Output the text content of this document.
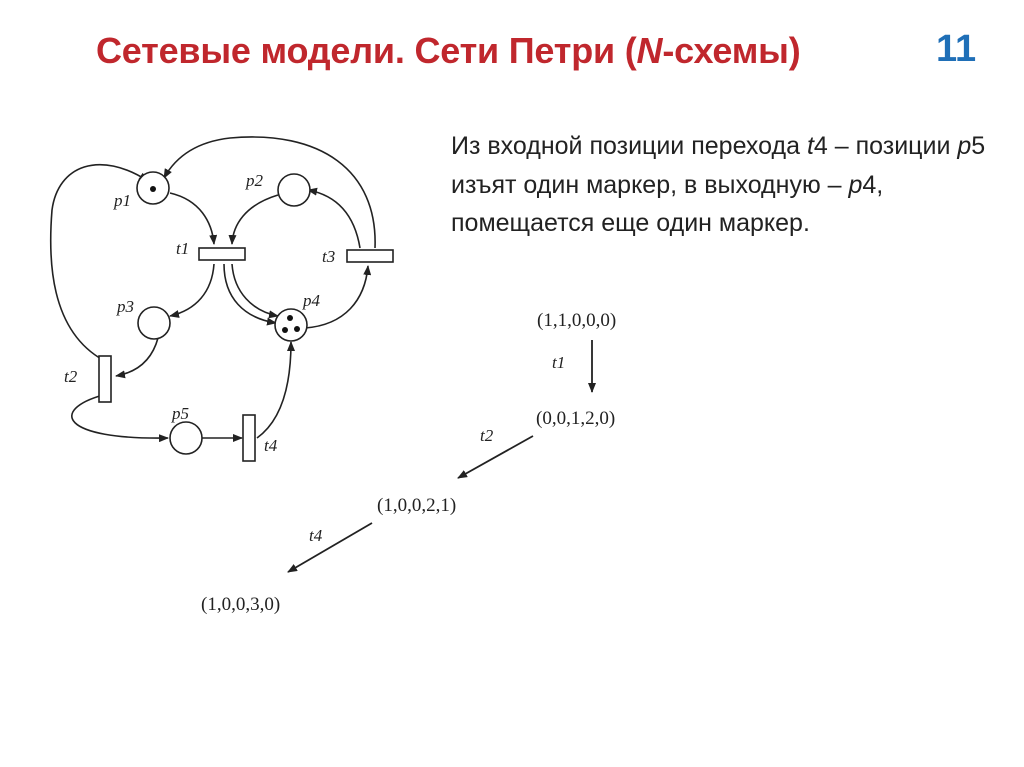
Сетевые модели. Сети Петри (N-схемы)	11
Из входной позиции перехода t4 – позиции p5 изъят один маркер, в выходную – p4, помещается еще один маркер.
p1
p2
p3	p4
p5
t1
t2
t3
t4
(1,1,0,0,0)
(0,0,1,2,0)
(1,0,0,2,1)
(1,0,0,3,0)
t1
t2
t4
